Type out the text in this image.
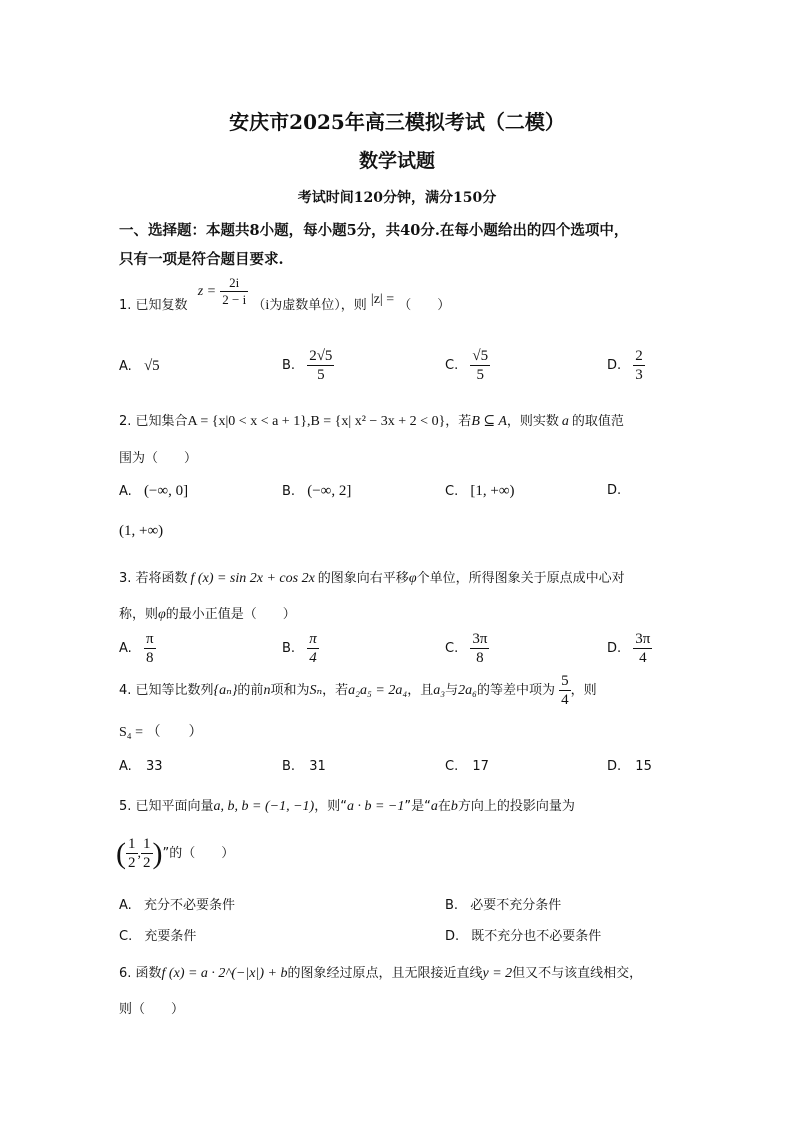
安庆市2025年高三模拟考试（二模）
数学试题
考试时间120分钟，满分150分
一、选择题：本题共8小题，每小题5分，共40分.在每小题给出的四个选项中，
只有一项是符合题目要求.
1. 已知复数 $z = \frac{2i}{2 - i} (i$为虚数单位），则 |z| = （　　）
A. √5	B. $\frac{2√5}{5}$	C. $\frac{√5}{5}$	D. $\frac{2}{3}$
2. 已知集合A = {x|0 < x < a + 1},B = {x| x² − 3x + 2 < 0}，若B ⊆ A，则实数 a 的取值范
围为（　　）
A. (−∞, 0]	B. (−∞, 2]	C. [1, +∞)	D.
(1, +∞)
3. 若将函数 f (x) = sin 2x + cos 2x 的图象向右平移φ个单位，所得图象关于原点成中心对
称，则φ的最小正值是（　　）
A. $\frac{\pi}{8}$	B. $\frac{\pi}{4}$	C. $\frac{3\pi}{8}$	D. $\frac{3\pi}{4}$
4. 已知等比数列{aₙ}的前n项和为Sₙ，若a₂a₅ = 2a₄，且a₃与2a₆的等差中项为 $\frac{5}{4}$ ，则
S₄ = （　　）
A. 33	B. 31	C. 17	D. 15
5. 已知平面向量a, b, b = (−1, −1)，则“a · b = −1”是“a在b方向上的投影向量为
( $\frac{1}{2}$ , $\frac{1}{2}$ )”的（　　）
A. 充分不必要条件	B. 必要不充分条件
C. 充要条件	D. 既不充分也不必要条件
6. 函数f (x) = a · 2^(−|x|) + b的图象经过原点，且无限接近直线y = 2但又不与该直线相交，
则（　　）
